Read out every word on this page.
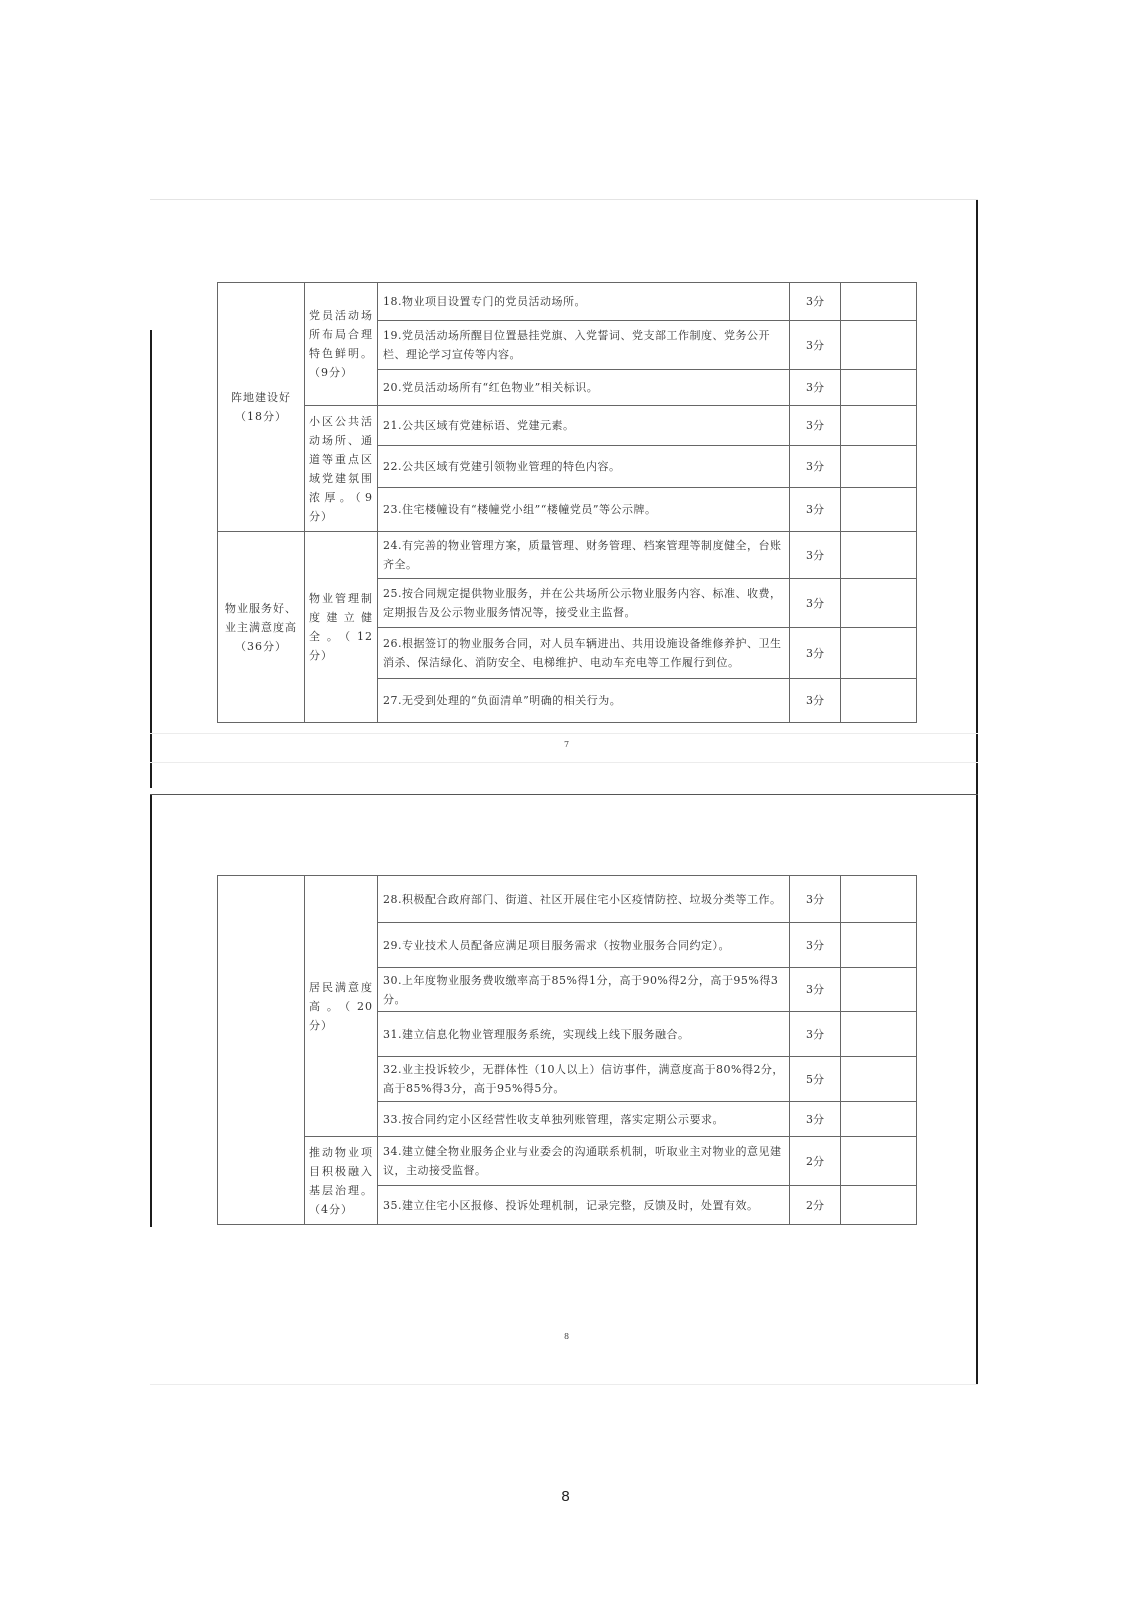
阵地建设好（18分）	党员活动场所布局合理特色鲜明。（9分）	18.物业项目设置专门的党员活动场所。	3分	
		19.党员活动场所醒目位置悬挂党旗、入党誓词、党支部工作制度、党务公开栏、理论学习宣传等内容。	3分	
		20.党员活动场所有“红色物业”相关标识。	3分	
	小区公共活动场所、通道等重点区域党建氛围浓厚。（9分）	21.公共区域有党建标语、党建元素。	3分	
		22.公共区域有党建引领物业管理的特色内容。	3分	
		23.住宅楼幢设有“楼幢党小组”“楼幢党员”等公示牌。	3分	
物业服务好、业主满意度高（36分）	物业管理制度建立健全。（12分）	24.有完善的物业管理方案，质量管理、财务管理、档案管理等制度健全，台账齐全。	3分	
		25.按合同规定提供物业服务，并在公共场所公示物业服务内容、标准、收费，定期报告及公示物业服务情况等，接受业主监督。	3分	
		26.根据签订的物业服务合同，对人员车辆进出、共用设施设备维修养护、卫生消杀、保洁绿化、消防安全、电梯维护、电动车充电等工作履行到位。	3分	
		27.无受到处理的“负面清单”明确的相关行为。	3分	
7
	居民满意度高。（20分）	28.积极配合政府部门、街道、社区开展住宅小区疫情防控、垃圾分类等工作。	3分	
		29.专业技术人员配备应满足项目服务需求（按物业服务合同约定）。	3分	
		30.上年度物业服务费收缴率高于85%得1分，高于90%得2分，高于95%得3分。	3分	
		31.建立信息化物业管理服务系统，实现线上线下服务融合。	3分	
		32.业主投诉较少，无群体性（10人以上）信访事件，满意度高于80%得2分，高于85%得3分，高于95%得5分。	5分	
		33.按合同约定小区经营性收支单独列账管理，落实定期公示要求。	3分	
	推动物业项目积极融入基层治理。（4分）	34.建立健全物业服务企业与业委会的沟通联系机制，听取业主对物业的意见建议，主动接受监督。	2分	
		35.建立住宅小区报修、投诉处理机制，记录完整，反馈及时，处置有效。	2分	
8
8
